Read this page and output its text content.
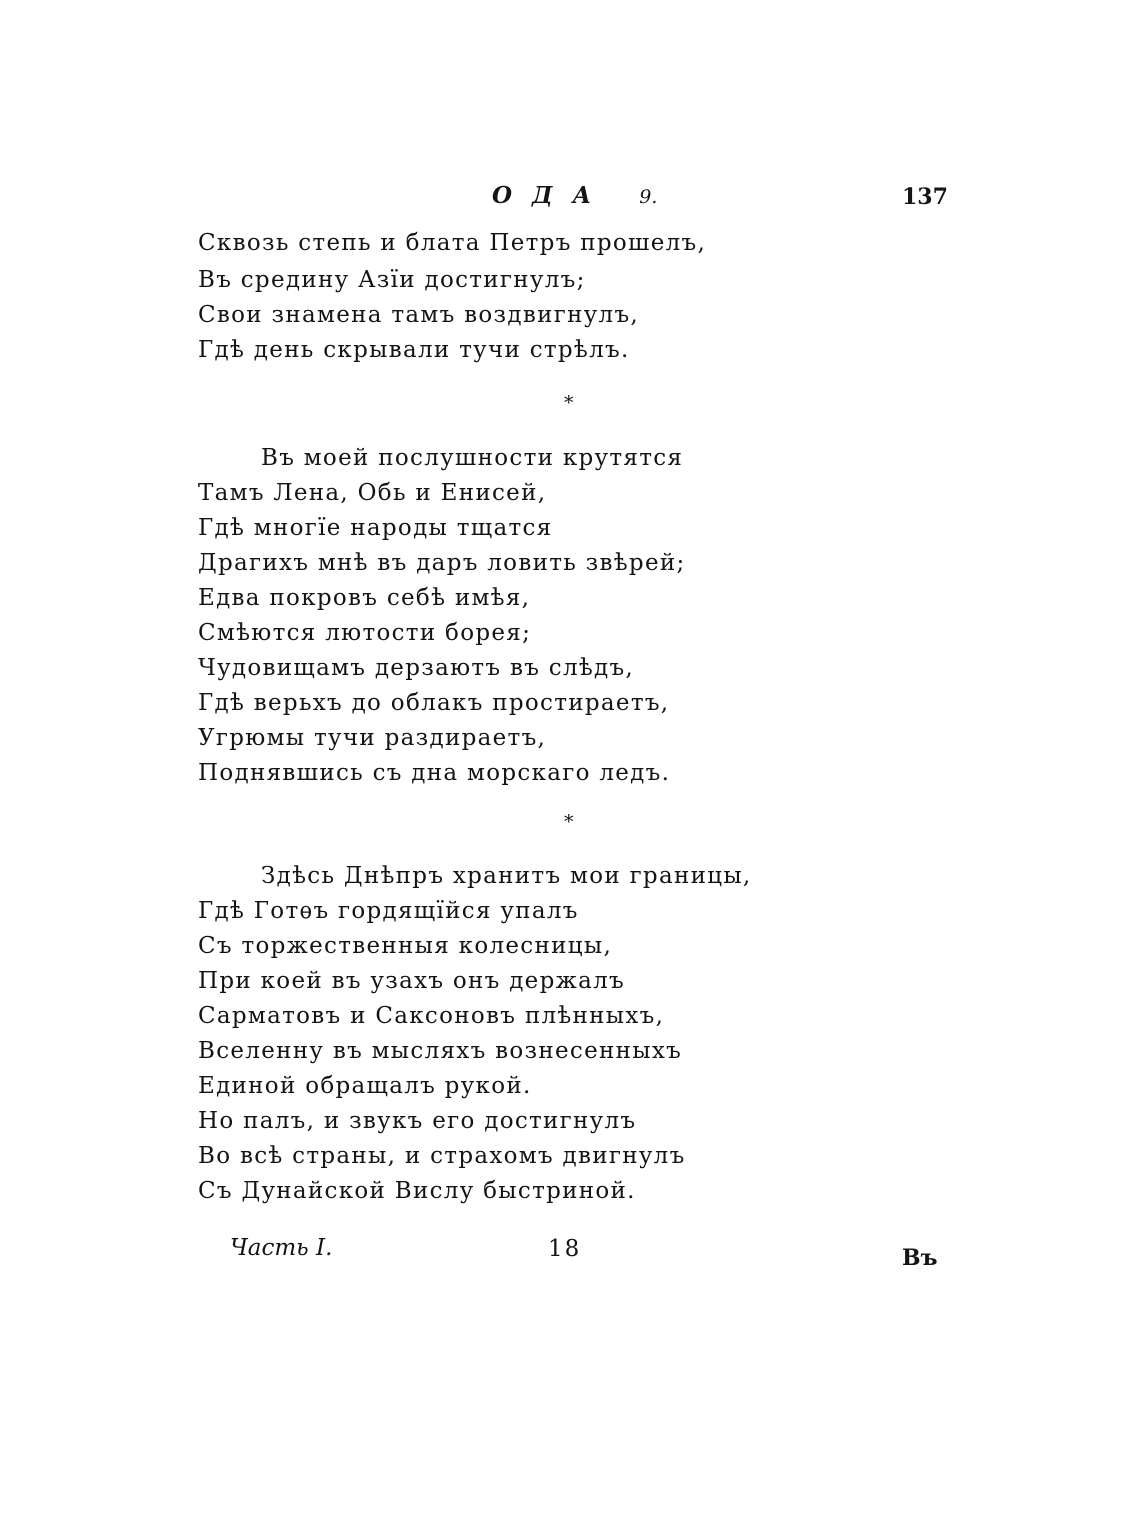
ОДА 9.	137
Сквозь степь и блата Петръ прошелъ,
Въ средину Азїи достигнулъ;
Свои знамена тамъ воздвигнулъ,
Гдѣ день скрывали тучи стрѣлъ.
*
Въ моей послушности крутятся
Тамъ Лена, Обь и Енисей,
Гдѣ многїе народы тщатся
Драгихъ мнѣ въ даръ ловить звѣрей;
Едва покровъ себѣ имѣя,
Смѣются лютости борея;
Чудовищамъ дерзаютъ въ слѣдъ,
Гдѣ верьхъ до облакъ простираетъ,
Угрюмы тучи раздираетъ,
Поднявшись съ дна морскаго ледъ.
*
Здѣсь Днѣпръ хранитъ мои границы,
Гдѣ Готѳъ гордящїйся упалъ
Съ торжественныя колесницы,
При коей въ узахъ онъ держалъ
Сарматовъ и Саксоновъ плѣнныхъ,
Вселенну въ мысляхъ вознесенныхъ
Единой обращалъ рукой.
Но палъ, и звукъ его достигнулъ
Во всѣ страны, и страхомъ двигнулъ
Съ Дунайской Вислу быстриной.
Часть I.	18	Въ
